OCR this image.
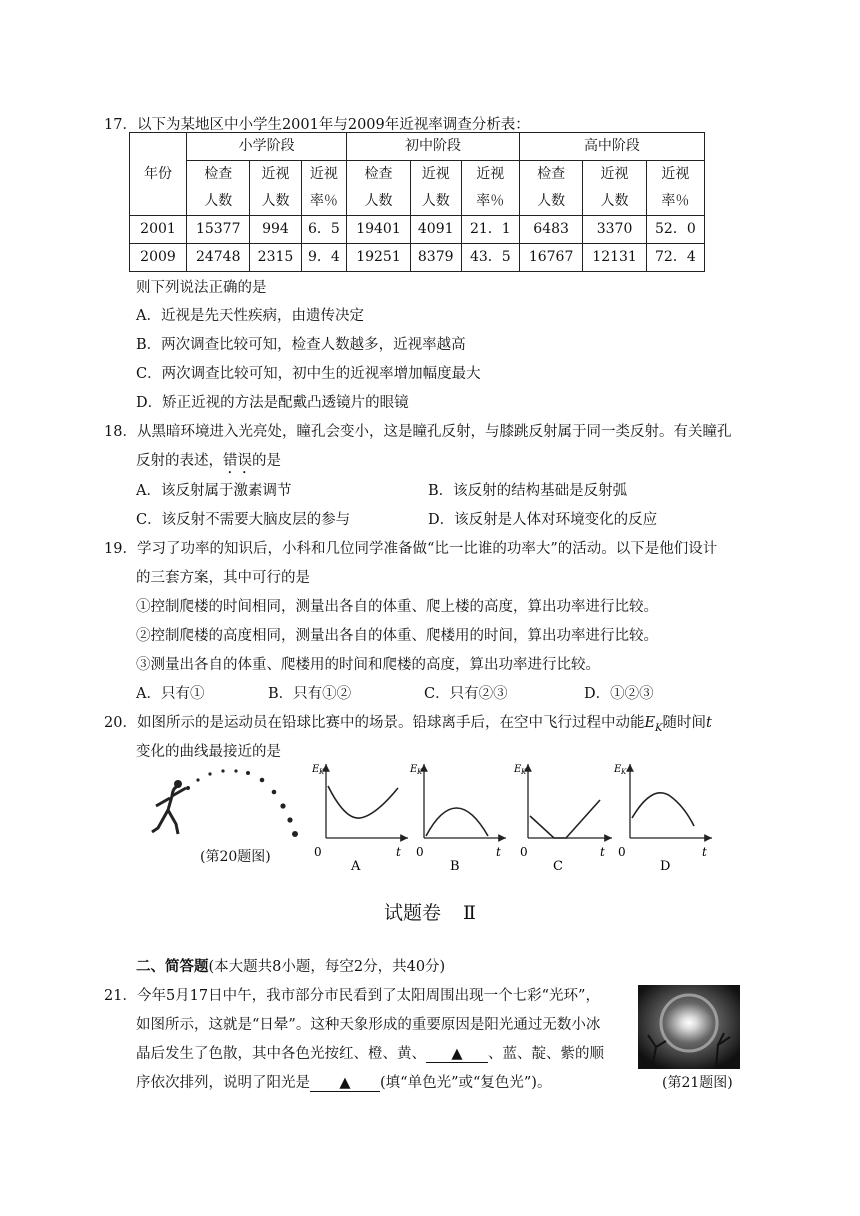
17．以下为某地区中小学生2001年与2009年近视率调查分析表：
年份	小学阶段			初中阶段			高中阶段		
	检查	近视	近视	检查	近视	近视	检查	近视	近视
	人数	人数	率％	人数	人数	率％	人数	人数	率％
2001	15377	994	6．5	19401	4091	21．1	6483	3370	52．0
2009	24748	2315	9．4	19251	8379	43．5	16767	12131	72．4
则下列说法正确的是
A．近视是先天性疾病，由遗传决定
B．两次调查比较可知，检查人数越多，近视率越高
C．两次调查比较可知，初中生的近视率增加幅度最大
D．矫正近视的方法是配戴凸透镜片的眼镜
18．从黑暗环境进入光亮处，瞳孔会变小，这是瞳孔反射，与膝跳反射属于同一类反射。有关瞳孔
反射的表述，错误的是
A．该反射属于激素调节	B．该反射的结构基础是反射弧
C．该反射不需要大脑皮层的参与	D．该反射是人体对环境变化的反应
19．学习了功率的知识后，小科和几位同学准备做“比一比谁的功率大”的活动。以下是他们设计
的三套方案，其中可行的是
①控制爬楼的时间相同，测量出各自的体重、爬上楼的高度，算出功率进行比较。
②控制爬楼的高度相同，测量出各自的体重、爬楼用的时间，算出功率进行比较。
③测量出各自的体重、爬楼用的时间和爬楼的高度，算出功率进行比较。
A．只有①	B．只有①②	C．只有②③	D．①②③
20．如图所示的是运动员在铅球比赛中的场景。铅球离手后，在空中飞行过程中动能$E_K$随时间t
变化的曲线最接近的是
(第20题图)
E K
t
0
A
E K
t
0
B
E K
t
0
C
E K
t
0
D
试题卷 Ⅱ
二、简答题(本大题共8小题，每空2分，共40分)
21．今年5月17日中午，我市部分市民看到了太阳周围出现一个七彩“光环”，
如图所示，这就是“日晕”。这种天象形成的重要原因是阳光通过无数小冰
晶后发生了色散，其中各色光按红、橙、黄、 ▲ 、蓝、靛、紫的顺
序依次排列，说明了阳光是 ▲ (填“单色光”或“复色光”)。	(第21题图)
